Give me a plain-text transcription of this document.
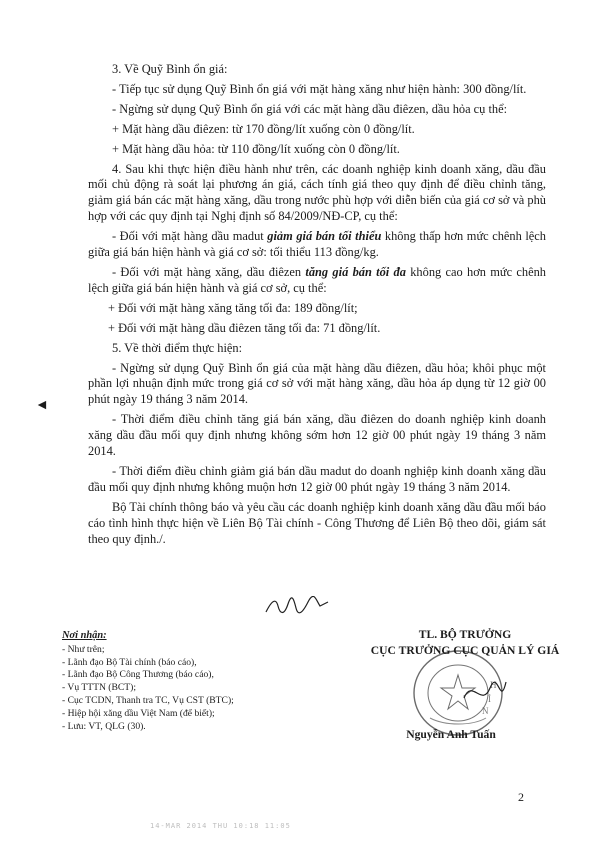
3. Về Quỹ Bình ổn giá:

- Tiếp tục sử dụng Quỹ Bình ổn giá với mặt hàng xăng như hiện hành: 300 đồng/lít.

- Ngừng sử dụng Quỹ Bình ổn giá với các mặt hàng dầu điêzen, dầu hỏa cụ thể:

+ Mặt hàng dầu điêzen: từ 170 đồng/lít xuống còn 0 đồng/lít.

+ Mặt hàng dầu hỏa: từ 110 đồng/lít xuống còn 0 đồng/lít.

4. Sau khi thực hiện điều hành như trên, các doanh nghiệp kinh doanh xăng, dầu đầu mối chủ động rà soát lại phương án giá, cách tính giá theo quy định để điều chỉnh tăng, giảm giá bán các mặt hàng xăng, dầu trong nước phù hợp với diễn biến của giá cơ sở và phù hợp với các quy định tại Nghị định số 84/2009/NĐ-CP, cụ thể:

- Đối với mặt hàng dầu madut giảm giá bán tối thiểu không thấp hơn mức chênh lệch giữa giá bán hiện hành và giá cơ sở: tối thiểu 113 đồng/kg.

- Đối với mặt hàng xăng, dầu điêzen tăng giá bán tối đa không cao hơn mức chênh lệch giữa giá bán hiện hành và giá cơ sở, cụ thể:

+ Đối với mặt hàng xăng tăng tối đa: 189 đồng/lít;

+ Đối với mặt hàng dầu điêzen tăng tối đa: 71 đồng/lít.

5. Về thời điểm thực hiện:

- Ngừng sử dụng Quỹ Bình ổn giá của mặt hàng dầu điêzen, dầu hỏa; khôi phục một phần lợi nhuận định mức trong giá cơ sở với mặt hàng xăng, dầu hỏa áp dụng từ 12 giờ 00 phút ngày 19 tháng 3 năm 2014.

- Thời điểm điều chỉnh tăng giá bán xăng, dầu điêzen do doanh nghiệp kinh doanh xăng dầu đầu mối quy định nhưng không sớm hơn 12 giờ 00 phút ngày 19 tháng 3 năm 2014.

- Thời điểm điều chỉnh giảm giá bán dầu madut do doanh nghiệp kinh doanh xăng dầu đầu mối quy định nhưng không muộn hơn 12 giờ 00 phút ngày 19 tháng 3 năm 2014.

Bộ Tài chính thông báo và yêu cầu các doanh nghiệp kinh doanh xăng dầu đầu mối báo cáo tình hình thực hiện về Liên Bộ Tài chính - Công Thương để Liên Bộ theo dõi, giám sát theo quy định./.

Nơi nhận:
- Như trên;
- Lãnh đạo Bộ Tài chính (báo cáo),
- Lãnh đạo Bộ Công Thương (báo cáo),
- Vụ TTTN (BCT);
- Cục TCDN, Thanh tra TC, Vụ CST (BTC);
- Hiệp hội xăng dầu Việt Nam (để biết);
- Lưu: VT, QLG (30).
TL. BỘ TRƯỞNG
CỤC TRƯỞNG CỤC QUẢN LÝ GIÁ
H
Í
N
Nguyễn Anh Tuấn
◄
2
14-MAR 2014 THU 10:18 11:05
